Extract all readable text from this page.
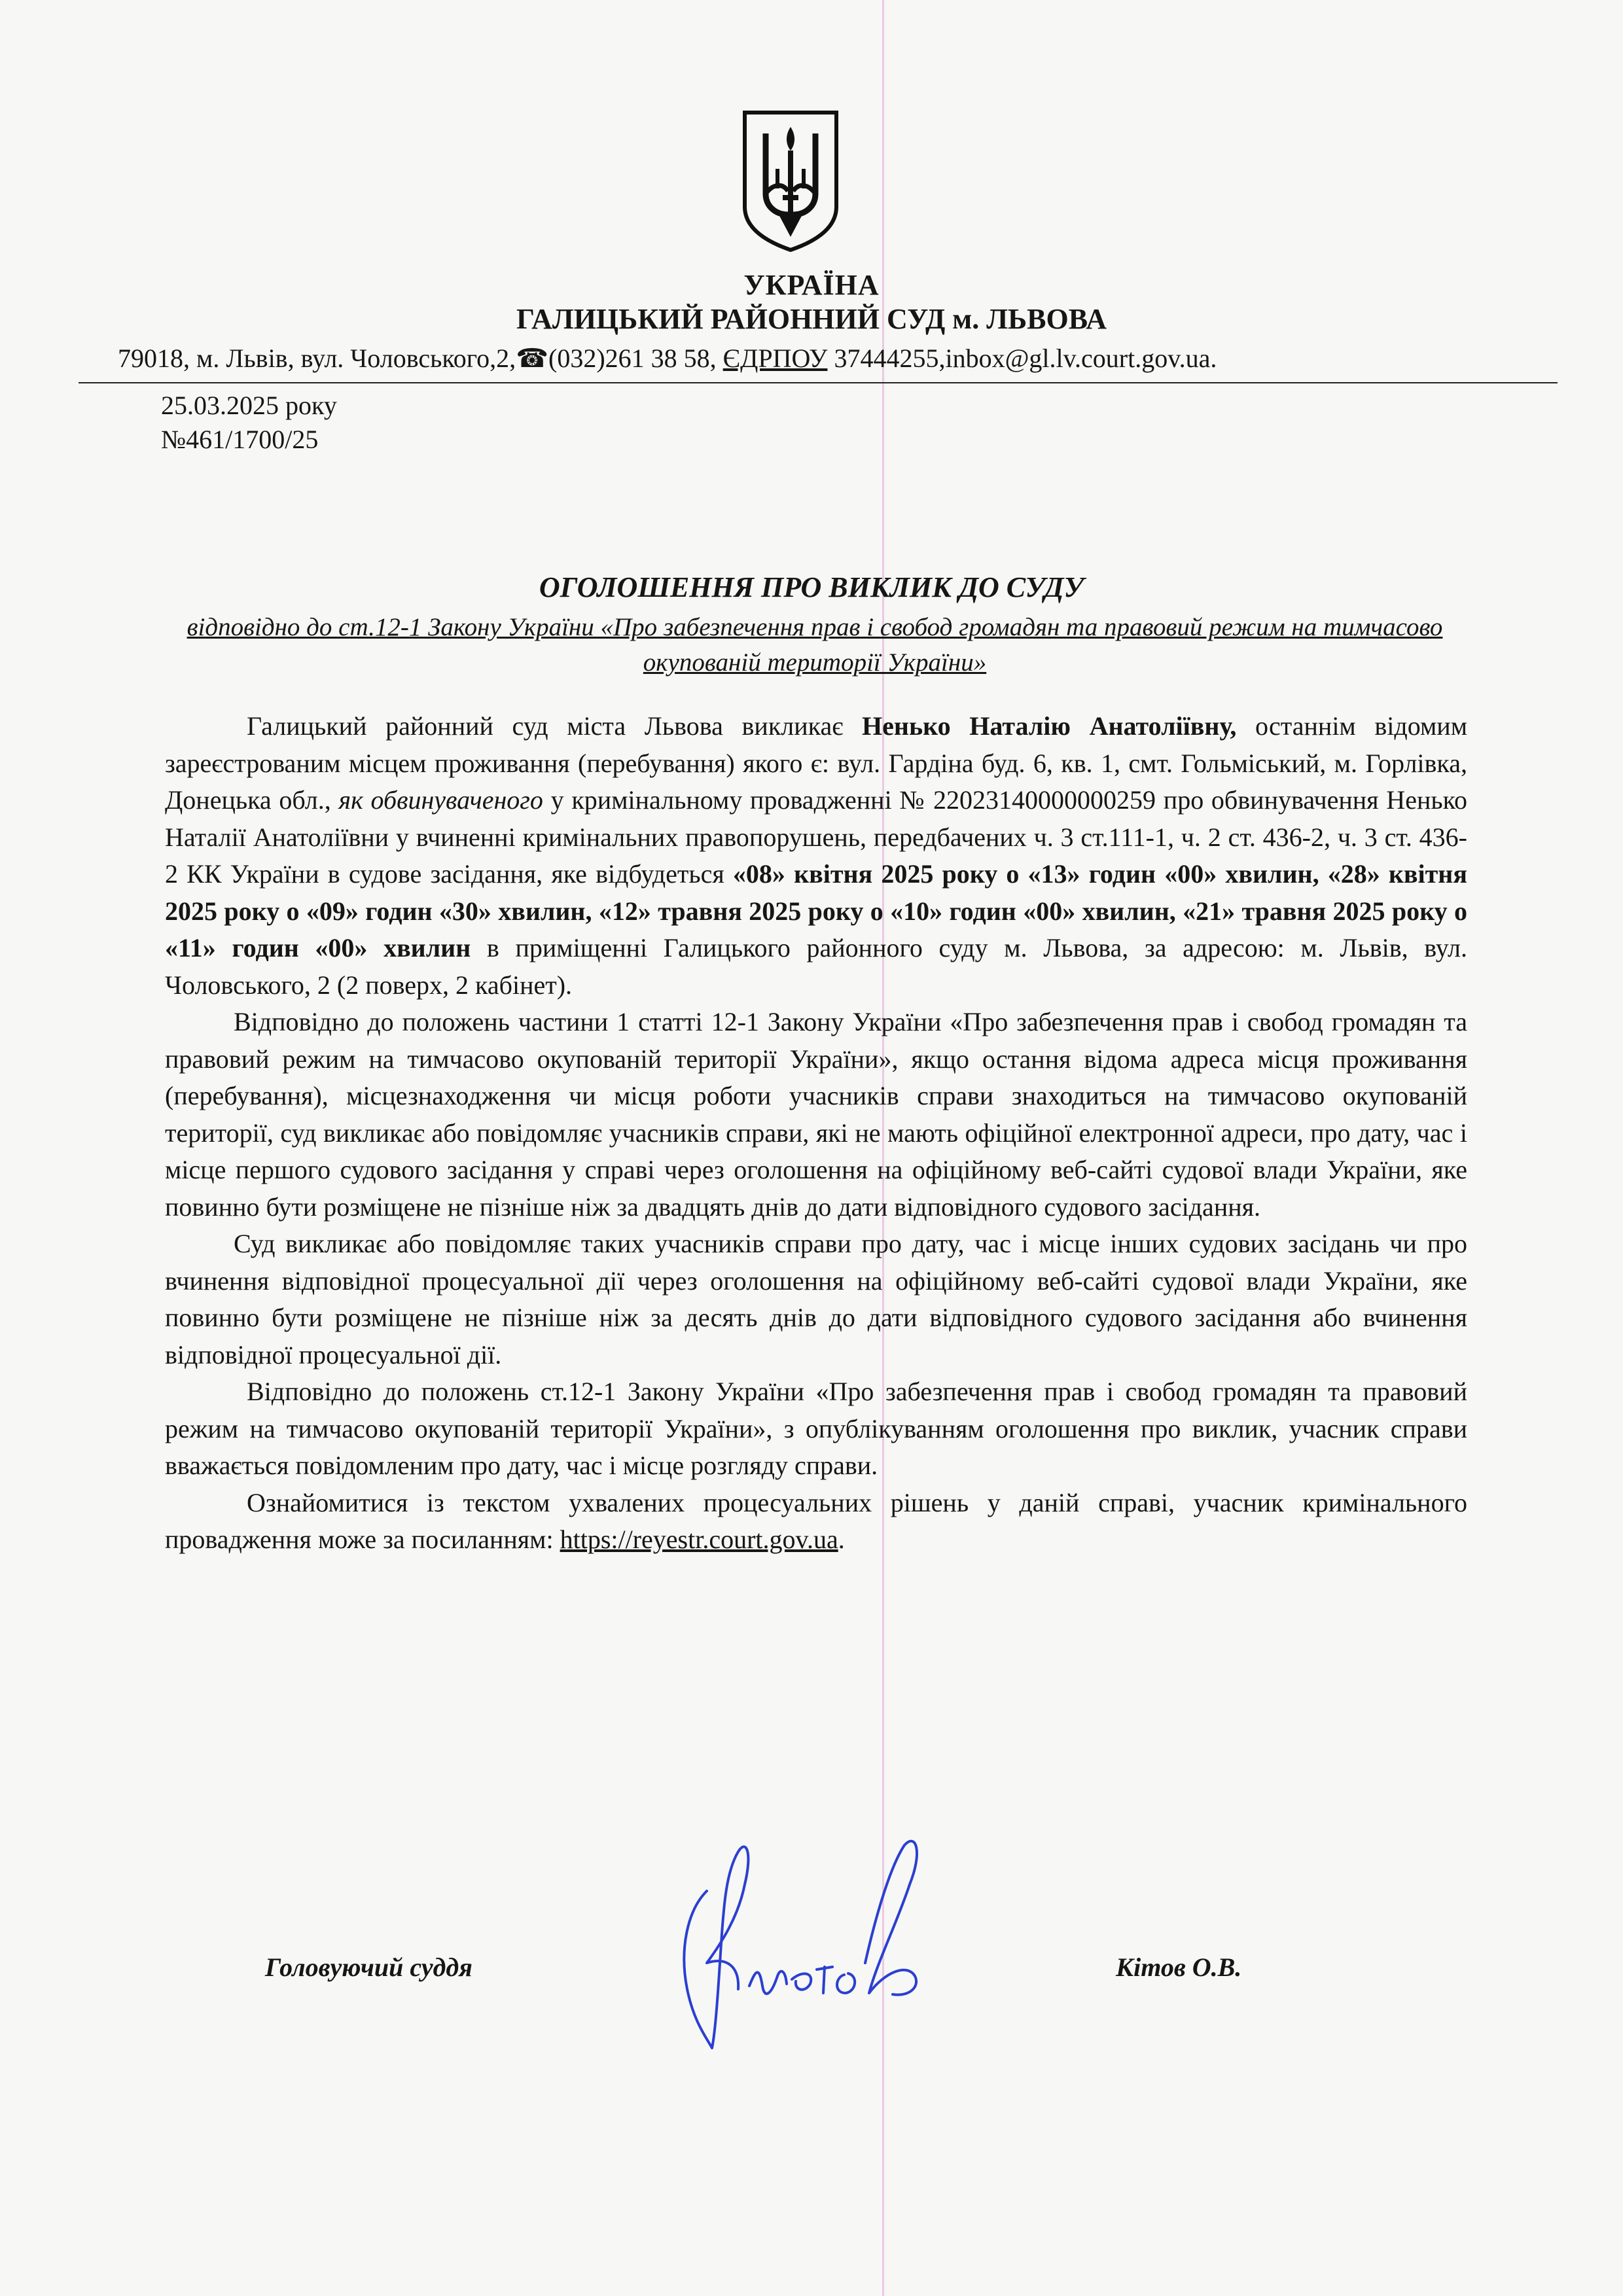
УКРАЇНА
ГАЛИЦЬКИЙ РАЙОННИЙ СУД м. ЛЬВОВА
79018, м. Львів, вул. Чоловського,2,☎(032)261 38 58, ЄДРПОУ 37444255,inbox@gl.lv.court.gov.ua.
25.03.2025 року
№461/1700/25
ОГОЛОШЕННЯ ПРО ВИКЛИК ДО СУДУ
відповідно до ст.12-1 Закону України «Про забезпечення прав і свобод громадян та правовий режим на тимчасово окупованій території України»

Галицький районний суд міста Львова викликає Ненько Наталію Анатоліївну, останнім відомим зареєстрованим місцем проживання (перебування) якого є: вул. Гардіна буд. 6, кв. 1, смт. Гольміський, м. Горлівка, Донецька обл., як обвинуваченого у кримінальному провадженні № 22023140000000259 про обвинувачення Ненько Наталії Анатоліївни у вчиненні кримінальних правопорушень, передбачених ч. 3 ст.111-1, ч. 2 ст. 436-2, ч. 3 ст. 436-2 КК України в судове засідання, яке відбудеться «08» квітня 2025 року о «13» годин «00» хвилин, «28» квітня 2025 року о «09» годин «30» хвилин, «12» травня 2025 року о «10» годин «00» хвилин, «21» травня 2025 року о «11» годин «00» хвилин в приміщенні Галицького районного суду м. Львова, за адресою: м. Львів, вул. Чоловського, 2 (2 поверх, 2 кабінет).

Відповідно до положень частини 1 статті 12-1 Закону України «Про забезпечення прав і свобод громадян та правовий режим на тимчасово окупованій території України», якщо остання відома адреса місця проживання (перебування), місцезнаходження чи місця роботи учасників справи знаходиться на тимчасово окупованій території, суд викликає або повідомляє учасників справи, які не мають офіційної електронної адреси, про дату, час і місце першого судового засідання у справі через оголошення на офіційному веб-сайті судової влади України, яке повинно бути розміщене не пізніше ніж за двадцять днів до дати відповідного судового засідання.

Суд викликає або повідомляє таких учасників справи про дату, час і місце інших судових засідань чи про вчинення відповідної процесуальної дії через оголошення на офіційному веб-сайті судової влади України, яке повинно бути розміщене не пізніше ніж за десять днів до дати відповідного судового засідання або вчинення відповідної процесуальної дії.

Відповідно до положень ст.12-1 Закону України «Про забезпечення прав і свобод громадян та правовий режим на тимчасово окупованій території України», з опублікуванням оголошення про виклик, учасник справи вважається повідомленим про дату, час і місце розгляду справи.

Ознайомитися із текстом ухвалених процесуальних рішень у даній справі, учасник кримінального провадження може за посиланням: https://reyestr.court.gov.ua.

Головуючий суддя	Кітов О.В.
